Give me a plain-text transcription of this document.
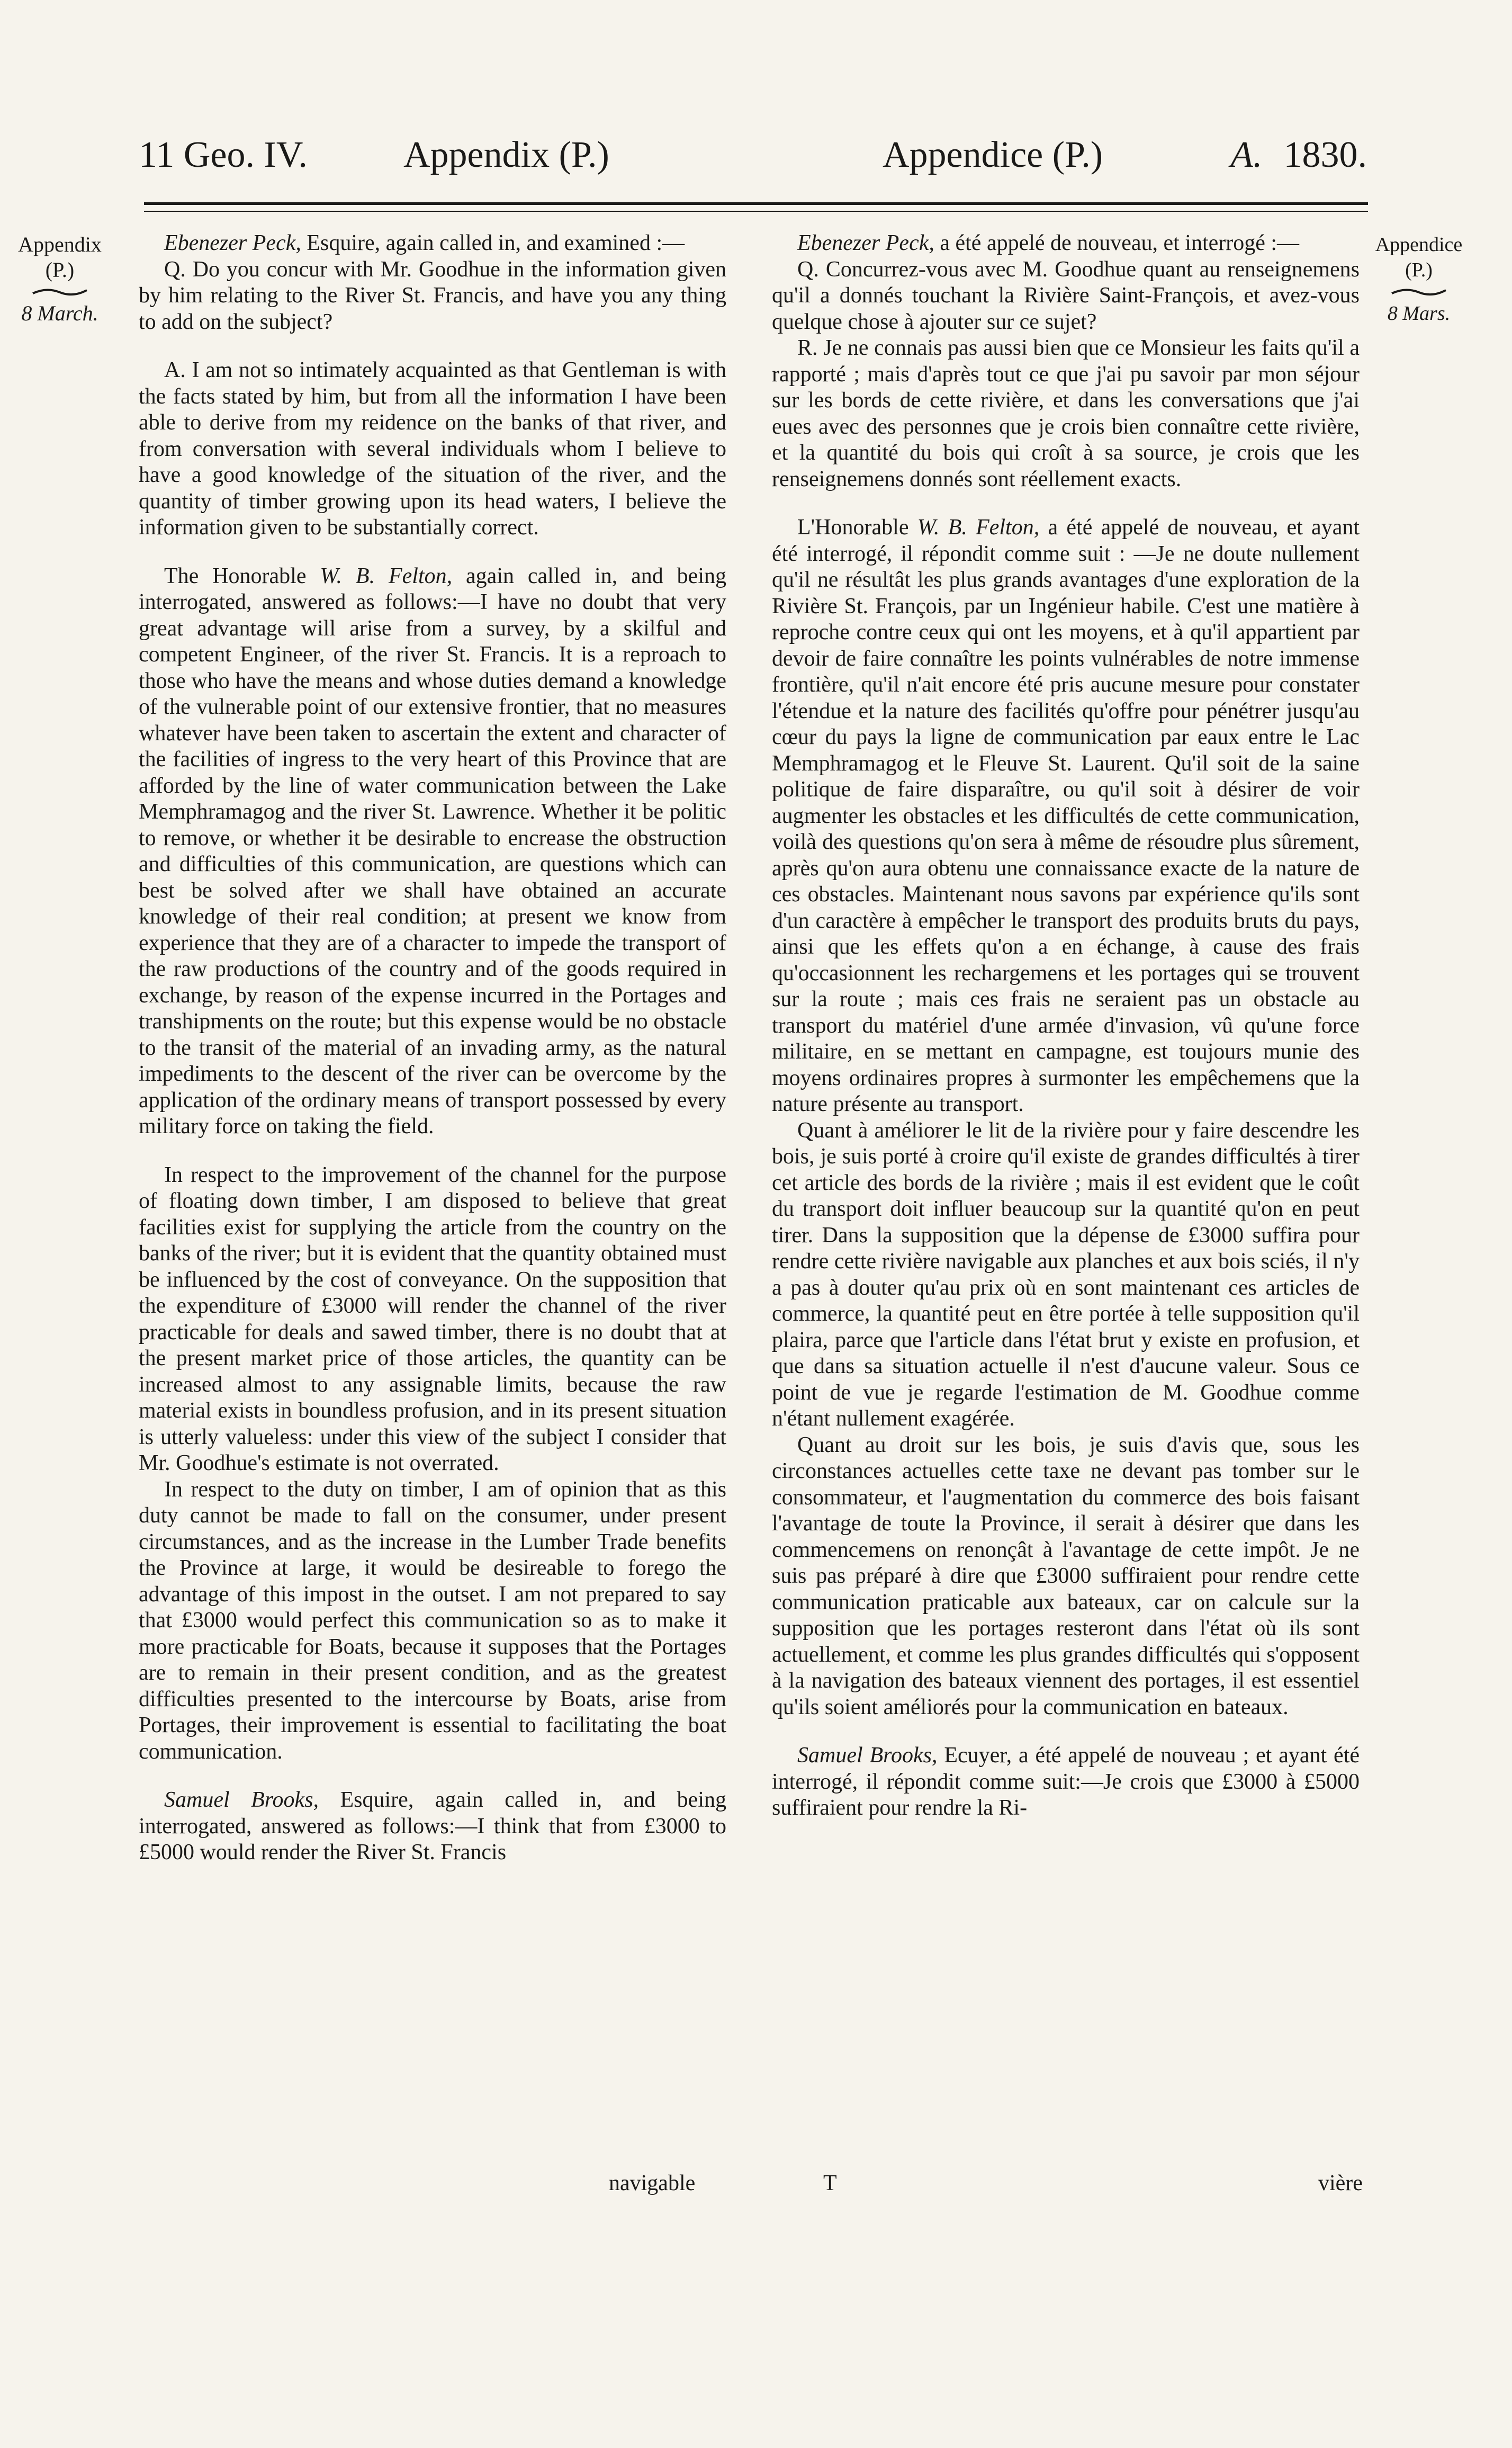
11 Geo. IV.	Appendix (P.)	Appendice (P.)	A. 1830.
Appendix
(P.)
8 March.
Appendice
(P.)
8 Mars.

Ebenezer Peck, Esquire, again called in, and examined :—

Q. Do you concur with Mr. Goodhue in the information given by him relating to the River St. Francis, and have you any thing to add on the subject?

A. I am not so intimately acquainted as that Gentleman is with the facts stated by him, but from all the information I have been able to derive from my reidence on the banks of that river, and from conversation with several individuals whom I believe to have a good knowledge of the situation of the river, and the quantity of timber growing upon its head waters, I believe the information given to be substantially correct.

The Honorable W. B. Felton, again called in, and being interrogated, answered as follows:—I have no doubt that very great advantage will arise from a survey, by a skilful and competent Engineer, of the river St. Francis. It is a reproach to those who have the means and whose duties demand a knowledge of the vulnerable point of our extensive frontier, that no measures whatever have been taken to ascertain the extent and character of the facilities of ingress to the very heart of this Province that are afforded by the line of water communication between the Lake Memphramagog and the river St. Lawrence. Whether it be politic to remove, or whether it be desirable to encrease the obstruction and difficulties of this communication, are questions which can best be solved after we shall have obtained an accurate knowledge of their real condition; at present we know from experience that they are of a character to impede the transport of the raw productions of the country and of the goods required in exchange, by reason of the expense incurred in the Portages and transhipments on the route; but this expense would be no obstacle to the transit of the material of an invading army, as the natural impediments to the descent of the river can be overcome by the application of the ordinary means of transport possessed by every military force on taking the field.

In respect to the improvement of the channel for the purpose of floating down timber, I am disposed to believe that great facilities exist for supplying the article from the country on the banks of the river; but it is evident that the quantity obtained must be influenced by the cost of conveyance. On the supposition that the expenditure of £3000 will render the channel of the river practicable for deals and sawed timber, there is no doubt that at the present market price of those articles, the quantity can be increased almost to any assignable limits, because the raw material exists in boundless profusion, and in its present situation is utterly valueless: under this view of the subject I consider that Mr. Goodhue's estimate is not overrated.

In respect to the duty on timber, I am of opinion that as this duty cannot be made to fall on the consumer, under present circumstances, and as the increase in the Lumber Trade benefits the Province at large, it would be desireable to forego the advantage of this impost in the outset. I am not prepared to say that £3000 would perfect this communication so as to make it more practicable for Boats, because it supposes that the Portages are to remain in their present condition, and as the greatest difficulties presented to the intercourse by Boats, arise from Portages, their improvement is essential to facilitating the boat communication.

Samuel Brooks, Esquire, again called in, and being interrogated, answered as follows:—I think that from £3000 to £5000 would render the River St. Francis

Ebenezer Peck, a été appelé de nouveau, et interrogé :—

Q. Concurrez-vous avec M. Goodhue quant au renseignemens qu'il a donnés touchant la Rivière Saint-François, et avez-vous quelque chose à ajouter sur ce sujet?

R. Je ne connais pas aussi bien que ce Monsieur les faits qu'il a rapporté ; mais d'après tout ce que j'ai pu savoir par mon séjour sur les bords de cette rivière, et dans les conversations que j'ai eues avec des personnes que je crois bien connaître cette rivière, et la quantité du bois qui croît à sa source, je crois que les renseignemens donnés sont réellement exacts.

L'Honorable W. B. Felton, a été appelé de nouveau, et ayant été interrogé, il répondit comme suit : —Je ne doute nullement qu'il ne résultât les plus grands avantages d'une exploration de la Rivière St. François, par un Ingénieur habile. C'est une matière à reproche contre ceux qui ont les moyens, et à qu'il appartient par devoir de faire connaître les points vulnérables de notre immense frontière, qu'il n'ait encore été pris aucune mesure pour constater l'étendue et la nature des facilités qu'offre pour pénétrer jusqu'au cœur du pays la ligne de communication par eaux entre le Lac Memphramagog et le Fleuve St. Laurent. Qu'il soit de la saine politique de faire disparaître, ou qu'il soit à désirer de voir augmenter les obstacles et les difficultés de cette communication, voilà des questions qu'on sera à même de résoudre plus sûrement, après qu'on aura obtenu une connaissance exacte de la nature de ces obstacles. Maintenant nous savons par expérience qu'ils sont d'un caractère à empêcher le transport des produits bruts du pays, ainsi que les effets qu'on a en échange, à cause des frais qu'occasionnent les rechargemens et les portages qui se trouvent sur la route ; mais ces frais ne seraient pas un obstacle au transport du matériel d'une armée d'invasion, vû qu'une force militaire, en se mettant en campagne, est toujours munie des moyens ordinaires propres à surmonter les empêchemens que la nature présente au transport.

Quant à améliorer le lit de la rivière pour y faire descendre les bois, je suis porté à croire qu'il existe de grandes difficultés à tirer cet article des bords de la rivière ; mais il est evident que le coût du transport doit influer beaucoup sur la quantité qu'on en peut tirer. Dans la supposition que la dépense de £3000 suffira pour rendre cette rivière navigable aux planches et aux bois sciés, il n'y a pas à douter qu'au prix où en sont maintenant ces articles de commerce, la quantité peut en être portée à telle supposition qu'il plaira, parce que l'article dans l'état brut y existe en profusion, et que dans sa situation actuelle il n'est d'aucune valeur. Sous ce point de vue je regarde l'estimation de M. Goodhue comme n'étant nullement exagérée.

Quant au droit sur les bois, je suis d'avis que, sous les circonstances actuelles cette taxe ne devant pas tomber sur le consommateur, et l'augmentation du commerce des bois faisant l'avantage de toute la Province, il serait à désirer que dans les commencemens on renonçât à l'avantage de cette impôt. Je ne suis pas préparé à dire que £3000 suffiraient pour rendre cette communication praticable aux bateaux, car on calcule sur la supposition que les portages resteront dans l'état où ils sont actuellement, et comme les plus grandes difficultés qui s'opposent à la navigation des bateaux viennent des portages, il est essentiel qu'ils soient améliorés pour la communication en bateaux.

Samuel Brooks, Ecuyer, a été appelé de nouveau ; et ayant été interrogé, il répondit comme suit:—Je crois que £3000 à £5000 suffiraient pour rendre la Ri-

navigable	T	vière
